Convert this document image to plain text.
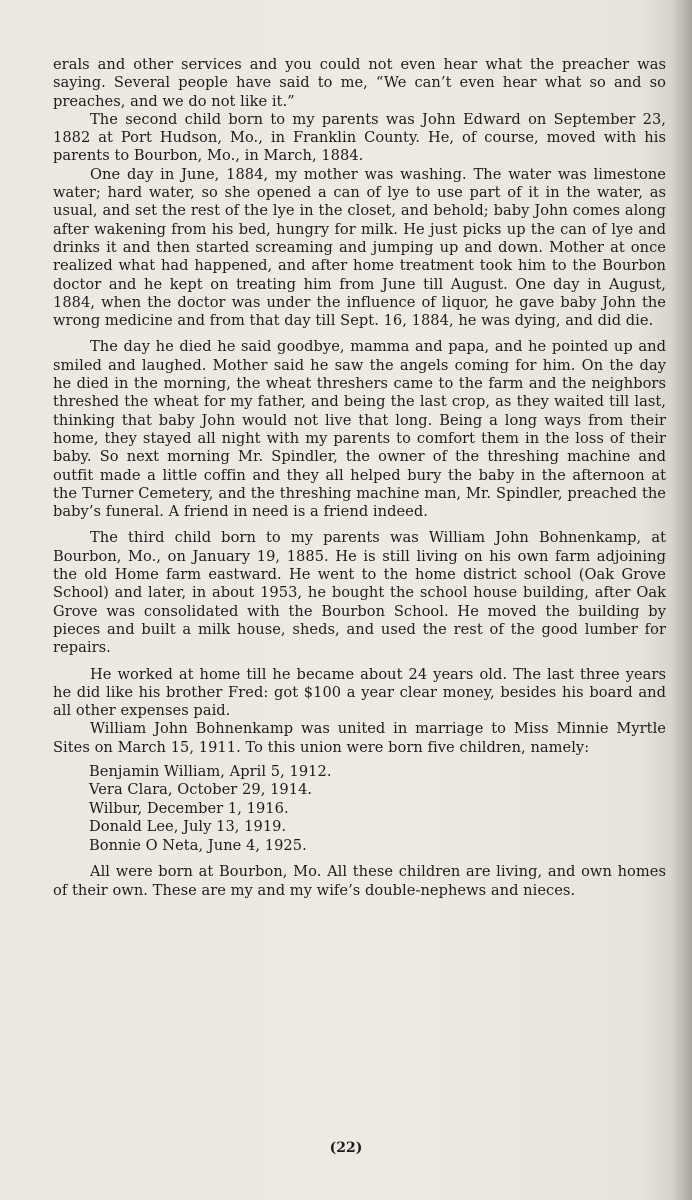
erals and other services and you could not even hear what the preacher was saying. Several people have said to me, “We can’t even hear what so and so preaches, and we do not like it.”

The second child born to my parents was John Edward on September 23, 1882 at Port Hudson, Mo., in Franklin County. He, of course, moved with his parents to Bourbon, Mo., in March, 1884.

One day in June, 1884, my mother was washing. The water was limestone water; hard water, so she opened a can of lye to use part of it in the water, as usual, and set the rest of the lye in the closet, and behold; baby John comes along after wakening from his bed, hungry for milk. He just picks up the can of lye and drinks it and then started screaming and jumping up and down. Mother at once realized what had happened, and after home treatment took him to the Bourbon doctor and he kept on treating him from June till August. One day in August, 1884, when the doctor was under the influence of liquor, he gave baby John the wrong medicine and from that day till Sept. 16, 1884, he was dying, and did die.

The day he died he said goodbye, mamma and papa, and he pointed up and smiled and laughed. Mother said he saw the angels coming for him. On the day he died in the morning, the wheat threshers came to the farm and the neighbors threshed the wheat for my father, and being the last crop, as they waited till last, thinking that baby John would not live that long. Being a long ways from their home, they stayed all night with my parents to comfort them in the loss of their baby. So next morning Mr. Spindler, the owner of the threshing machine and outfit made a little coffin and they all helped bury the baby in the afternoon at the Turner Cemetery, and the threshing machine man, Mr. Spindler, preached the baby’s funeral. A friend in need is a friend indeed.

The third child born to my parents was William John Bohnenkamp, at Bourbon, Mo., on January 19, 1885. He is still living on his own farm adjoining the old Home farm eastward. He went to the home district school (Oak Grove School) and later, in about 1953, he bought the school house building, after Oak Grove was consolidated with the Bourbon School. He moved the building by pieces and built a milk house, sheds, and used the rest of the good lumber for repairs.

He worked at home till he became about 24 years old. The last three years he did like his brother Fred: got $100 a year clear money, besides his board and all other expenses paid.

William John Bohnenkamp was united in marriage to Miss Minnie Myrtle Sites on March 15, 1911. To this union were born five children, namely:

Benjamin William, April 5, 1912.
Vera Clara, October 29, 1914.
Wilbur, December 1, 1916.
Donald Lee, July 13, 1919.
Bonnie O Neta, June 4, 1925.

All were born at Bourbon, Mo. All these children are living, and own homes of their own. These are my and my wife’s double-nephews and nieces.

(22)
